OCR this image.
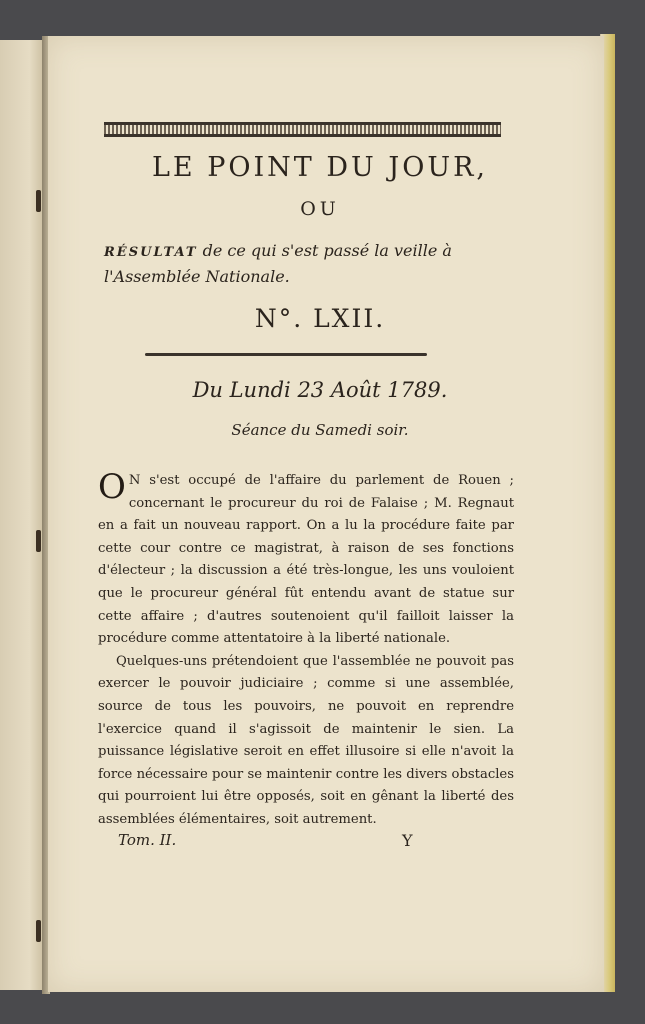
LE POINT DU JOUR,
OU
RÉSULTAT de ce qui s'est passé la veille à
l'Assemblée Nationale.
N°. LXII.
Du Lundi 23 Août 1789.
Séance du Samedi soir.

O N s'est occupé de l'affaire du parlement de Rouen ; concernant le procureur du roi de Falaise ; M. Regnaut en a fait un nouveau rapport. On a lu la procédure faite par cette cour contre ce magistrat, à raison de ses fonctions d'électeur ; la discussion a été très-longue, les uns vouloient que le procureur général fût entendu avant de statue sur cette affaire ; d'autres soutenoient qu'il failloit laisser la procédure comme attentatoire à la liberté nationale.

Quelques-uns prétendoient que l'assemblée ne pouvoit pas exercer le pouvoir judiciaire ; comme si une assemblée, source de tous les pouvoirs, ne pouvoit en reprendre l'exercice quand il s'agissoit de maintenir le sien. La puissance législative seroit en effet illusoire si elle n'avoit la force nécessaire pour se maintenir contre les divers obstacles qui pourroient lui être opposés, soit en gênant la liberté des assemblées élémentaires, soit autrement.

Tom. II.	Y
